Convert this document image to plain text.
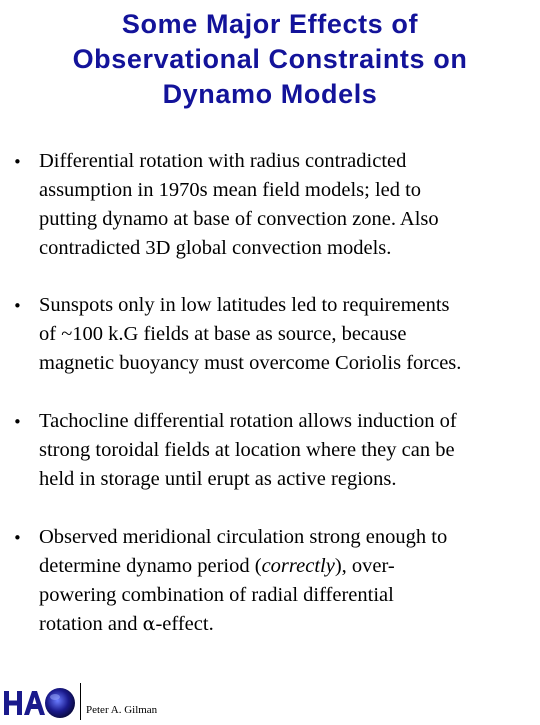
Some Major Effects of
Observational Constraints on
Dynamo Models
• Differential rotation with radius contradicted
assumption in 1970s mean field models; led to
putting dynamo at base of convection zone. Also
contradicted 3D global convection models.
• Sunspots only in low latitudes led to requirements
of ~100 k.G fields at base as source, because
magnetic buoyancy must overcome Coriolis forces.
• Tachocline differential rotation allows induction of
strong toroidal fields at location where they can be
held in storage until erupt as active regions.
• Observed meridional circulation strong enough to
determine dynamo period (correctly), over-
powering combination of radial differential
rotation and α-effect.
Peter A. Gilman
